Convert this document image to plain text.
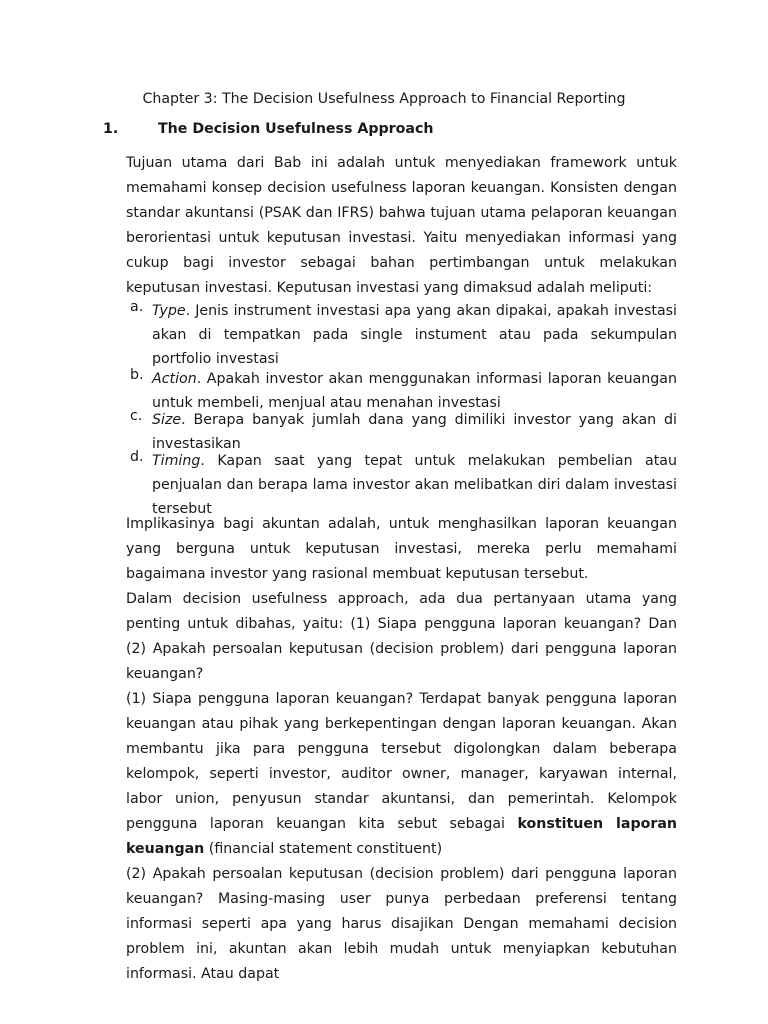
Chapter 3: The Decision Usefulness Approach to Financial Reporting
1.	The Decision Usefulness Approach
Tujuan utama dari Bab ini adalah untuk menyediakan framework untuk memahami konsep decision usefulness laporan keuangan. Konsisten dengan standar akuntansi (PSAK dan IFRS) bahwa tujuan utama pelaporan keuangan berorientasi untuk keputusan investasi. Yaitu menyediakan informasi yang cukup bagi investor sebagai bahan pertimbangan untuk melakukan keputusan investasi. Keputusan investasi yang dimaksud adalah meliputi:
a. Type. Jenis instrument investasi apa yang akan dipakai, apakah investasi akan di tempatkan pada single instument atau pada sekumpulan portfolio investasi
b. Action. Apakah investor akan menggunakan informasi laporan keuangan untuk membeli, menjual atau menahan investasi
c. Size. Berapa banyak jumlah dana yang dimiliki investor yang akan di investasikan
d. Timing. Kapan saat yang tepat untuk melakukan pembelian atau penjualan dan berapa lama investor akan melibatkan diri dalam investasi tersebut

Implikasinya bagi akuntan adalah, untuk menghasilkan laporan keuangan yang berguna untuk keputusan investasi, mereka perlu memahami bagaimana investor yang rasional membuat keputusan tersebut.

Dalam decision usefulness approach, ada dua pertanyaan utama yang penting untuk dibahas, yaitu: (1) Siapa pengguna laporan keuangan? Dan (2) Apakah persoalan keputusan (decision problem) dari pengguna laporan keuangan?

(1) Siapa pengguna laporan keuangan? Terdapat banyak pengguna laporan keuangan atau pihak yang berkepentingan dengan laporan keuangan. Akan membantu jika para pengguna tersebut digolongkan dalam beberapa kelompok, seperti investor, auditor owner, manager, karyawan internal, labor union, penyusun standar akuntansi, dan pemerintah. Kelompok pengguna laporan keuangan kita sebut sebagai konstituen laporan keuangan (financial statement constituent)

(2) Apakah persoalan keputusan (decision problem) dari pengguna laporan keuangan? Masing-masing user punya perbedaan preferensi tentang informasi seperti apa yang harus disajikan Dengan memahami decision problem ini, akuntan akan lebih mudah untuk menyiapkan kebutuhan informasi. Atau dapat
